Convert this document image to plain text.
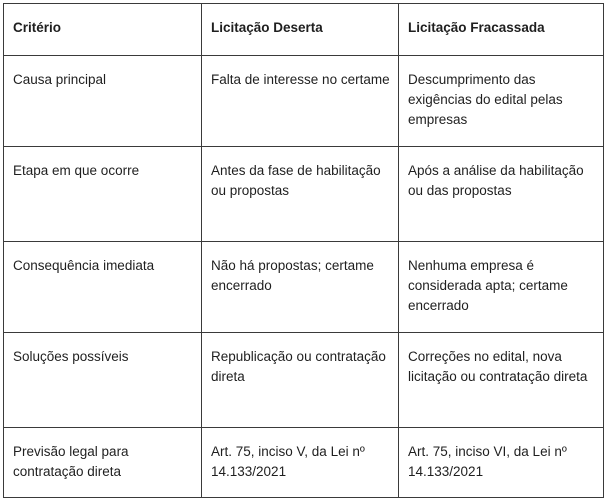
Critério	Licitação Deserta	Licitação Fracassada
Causa principal	Falta de interesse no certame	Descumprimento das exigências do edital pelas empresas
Etapa em que ocorre	Antes da fase de habilitação ou propostas	Após a análise da habilitação ou das propostas
Consequência imediata	Não há propostas; certame encerrado	Nenhuma empresa é considerada apta; certame encerrado
Soluções possíveis	Republicação ou contratação direta	Correções no edital, nova licitação ou contratação direta
Previsão legal para contratação direta	Art. 75, inciso V, da Lei nº 14.133/2021	Art. 75, inciso VI, da Lei nº 14.133/2021
